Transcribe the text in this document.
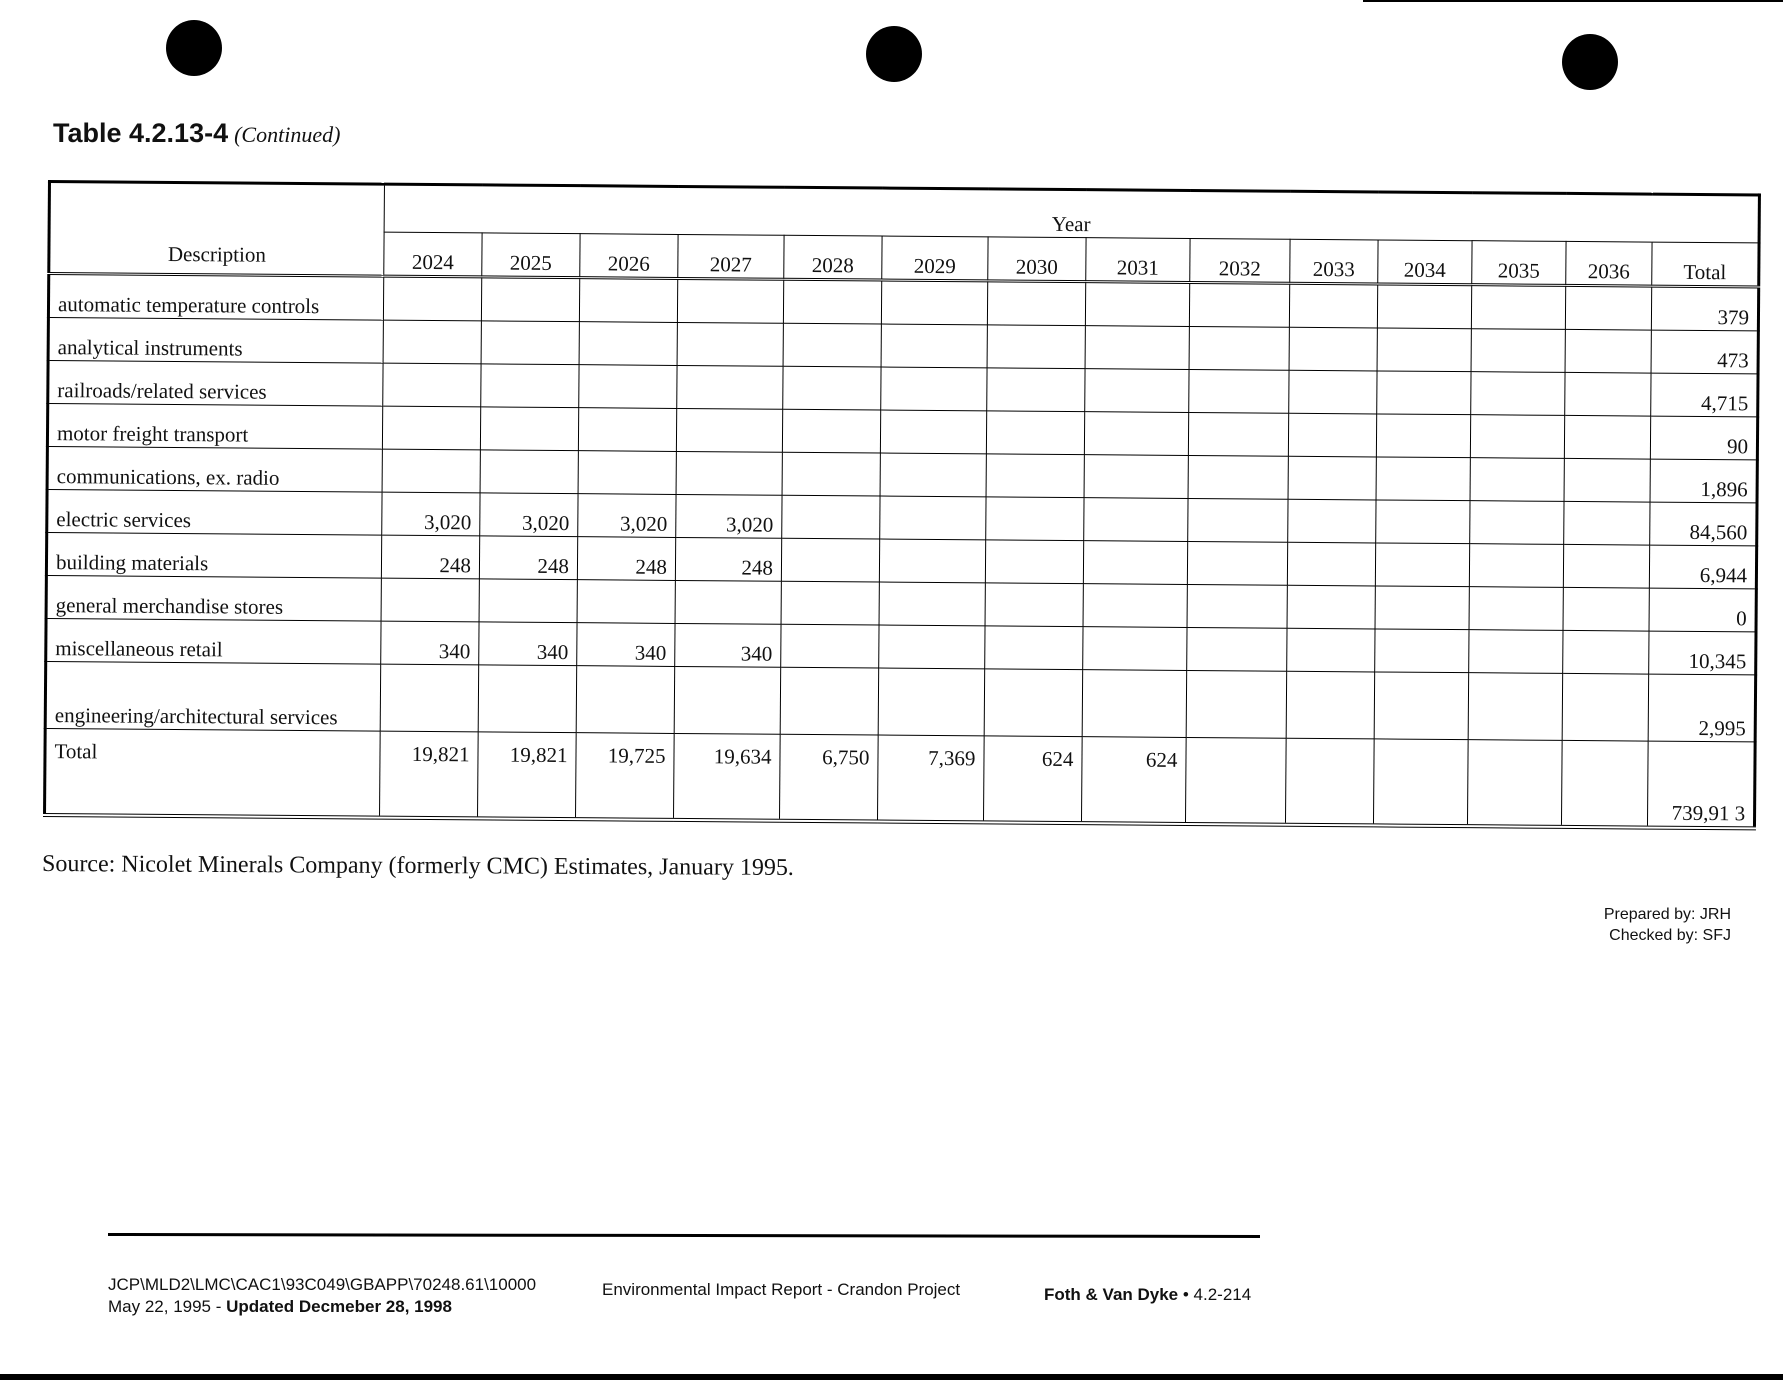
Table 4.2.13-4 (Continued)
Description	Year													
	2024	2025	2026	2027	2028	2029	2030	2031	2032	2033	2034	2035	2036	Total
automatic temperature controls														379
analytical instruments														473
railroads/related services														4,715
motor freight transport														90
communications, ex. radio														1,896
electric services	3,020	3,020	3,020	3,020										84,560
building materials	248	248	248	248										6,944
general merchandise stores														0
miscellaneous retail	340	340	340	340										10,345
engineering/architectural services														2,995
Total	19,821	19,821	19,725	19,634	6,750	7,369	624	624						739,91 3
Source: Nicolet Minerals Company (formerly CMC) Estimates, January 1995.
Prepared by: JRH
Checked by: SFJ
JCP\MLD2\LMC\CAC1\93C049\GBAPP\70248.61\10000
May 22, 1995 - Updated Decmeber 28, 1998
Environmental Impact Report - Crandon Project	Foth & Van Dyke • 4.2-214
